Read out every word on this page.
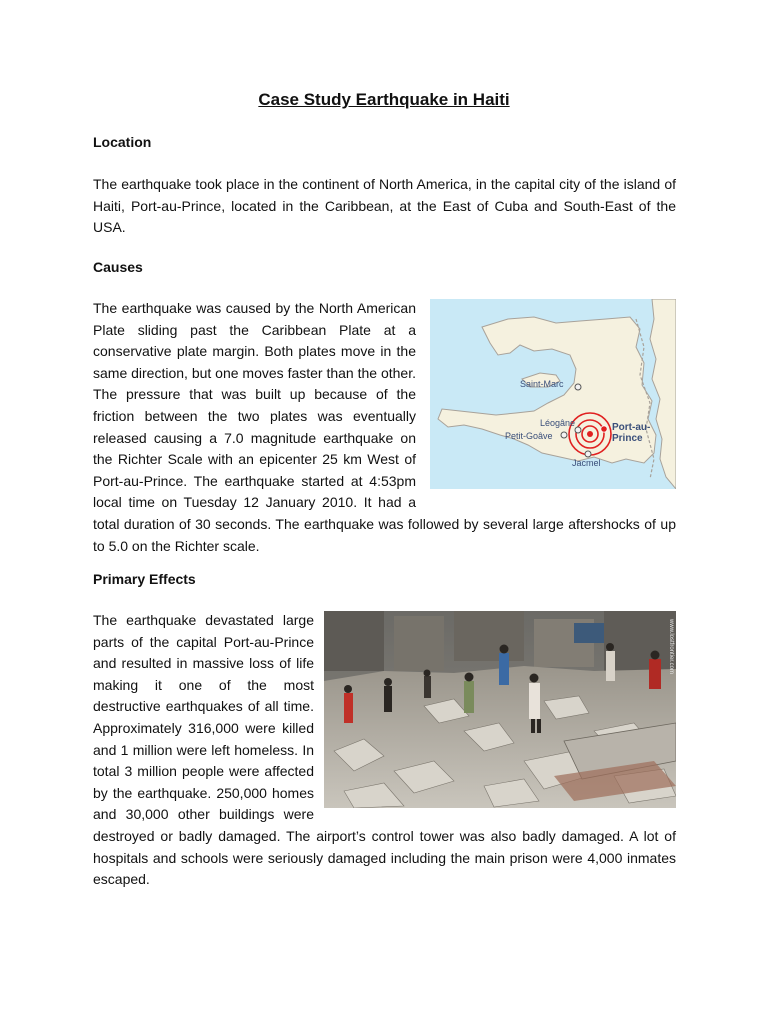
Case Study Earthquake in Haiti
Location

The earthquake took place in the continent of North America, in the capital city of the island of Haiti, Port-au-Prince, located in the Caribbean, at the East of Cuba and South-East of the USA.

Causes
Saint-Marc
Léogâne
Petit-Goâve
Port-au-
Prince
Jacmel
The earthquake was caused by the North American Plate sliding past the Caribbean Plate at a conservative plate margin. Both plates move in the same direction, but one moves faster than the other. The pressure that was built up because of the friction between the two plates was eventually released causing a 7.0 magnitude earthquake on the Richter Scale with an epicenter 25 km West of Port-au-Prince. The earthquake started at 4:53pm local time on Tuesday 12 January 2010. It had a total duration of 30 seconds. The earthquake was followed by several large aftershocks of up to 5.0 on the Richter scale.
Primary Effects
www.lostfrontier.com
The earthquake devastated large parts of the capital Port-au-Prince and resulted in massive loss of life making it one of the most destructive earthquakes of all time. Approximately 316,000 were killed and 1 million were left homeless. In total 3 million people were affected by the earthquake. 250,000 homes and 30,000 other buildings were destroyed or badly damaged. The airport’s control tower was also badly damaged. A lot of hospitals and schools were seriously damaged including the main prison were 4,000 inmates escaped.
